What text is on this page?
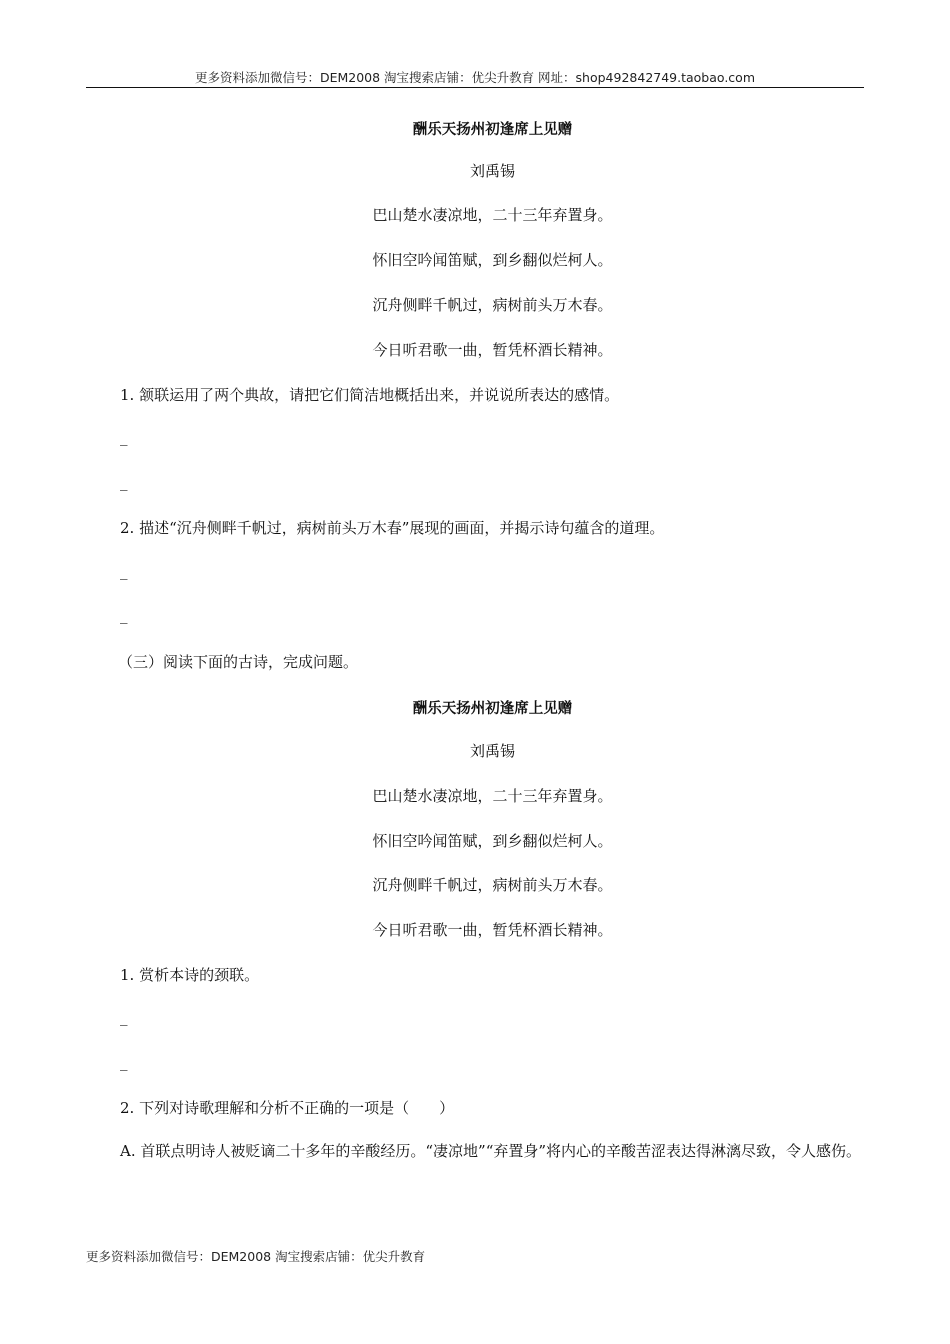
更多资料添加微信号：DEM2008 淘宝搜索店铺：优尖升教育 网址：shop492842749.taobao.com
酬乐天扬州初逢席上见赠
刘禹锡
巴山楚水凄凉地，二十三年弃置身。
怀旧空吟闻笛赋，到乡翻似烂柯人。
沉舟侧畔千帆过，病树前头万木春。
今日听君歌一曲，暂凭杯酒长精神。
1. 颔联运用了两个典故，请把它们简洁地概括出来，并说说所表达的感情。
_
_
2. 描述“沉舟侧畔千帆过，病树前头万木春”展现的画面，并揭示诗句蕴含的道理。
_
_
（三）阅读下面的古诗，完成问题。
酬乐天扬州初逢席上见赠
刘禹锡
巴山楚水凄凉地，二十三年弃置身。
怀旧空吟闻笛赋，到乡翻似烂柯人。
沉舟侧畔千帆过，病树前头万木春。
今日听君歌一曲，暂凭杯酒长精神。
1. 赏析本诗的颈联。
_
_
2. 下列对诗歌理解和分析不正确的一项是（　　）
A. 首联点明诗人被贬谪二十多年的辛酸经历。“凄凉地”“弃置身”将内心的辛酸苦涩表达得淋漓尽致，令人感伤。
更多资料添加微信号：DEM2008 淘宝搜索店铺：优尖升教育
